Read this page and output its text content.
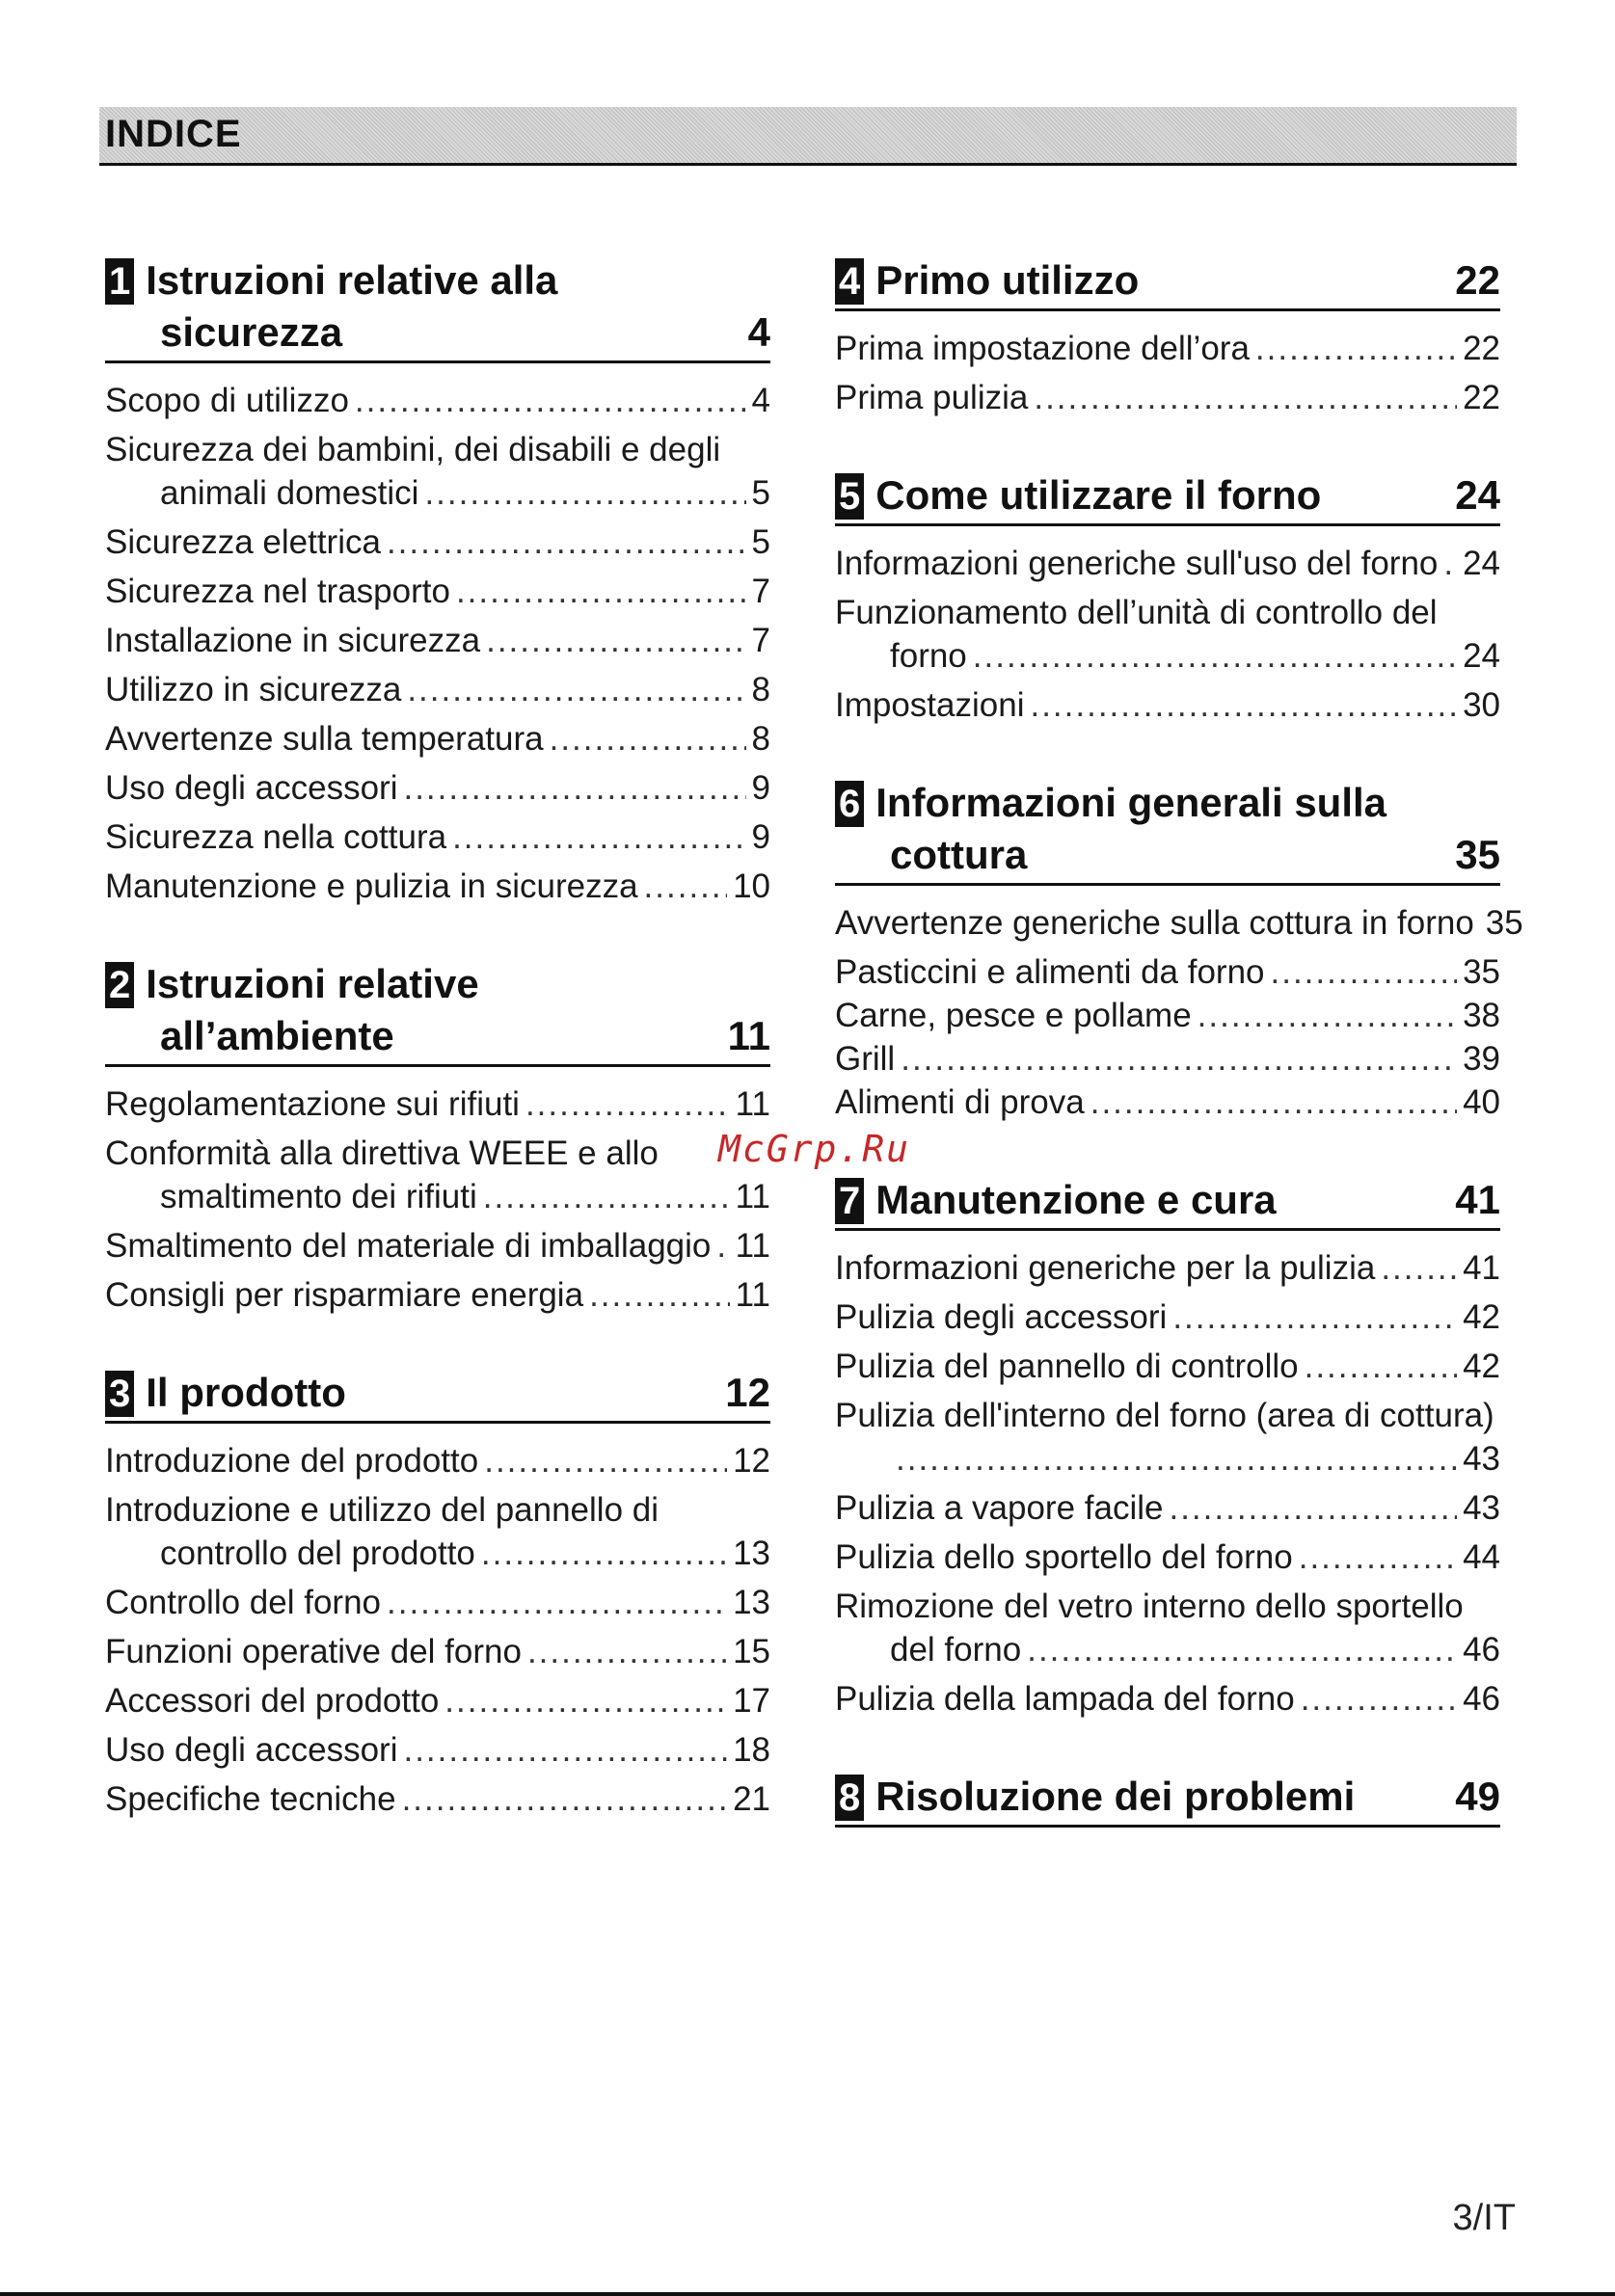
INDICE
1 Istruzioni relative alla
sicurezza	4
Scopo di utilizzo .....	4
Sicurezza dei bambini, dei disabili e degli
animali domestici .....	5
Sicurezza elettrica .....	5
Sicurezza nel trasporto .....	7
Installazione in sicurezza .....	7
Utilizzo in sicurezza .....	8
Avvertenze sulla temperatura .....	8
Uso degli accessori .....	9
Sicurezza nella cottura .....	9
Manutenzione e pulizia in sicurezza .....	10
2 Istruzioni relative
all’ambiente	11
Regolamentazione sui rifiuti .....	11
Conformità alla direttiva WEEE e allo
smaltimento dei rifiuti .....	11
Smaltimento del materiale di imballaggio ..... 11
Consigli per risparmiare energia .....	11
3 Il prodotto	12
Introduzione del prodotto .....	12
Introduzione e utilizzo del pannello di
controllo del prodotto .....	13
Controllo del forno .....	13
Funzioni operative del forno .....	15
Accessori del prodotto .....	17
Uso degli accessori .....	18
Specifiche tecniche .....	21
4 Primo utilizzo	22
Prima impostazione dell’ora .....	22
Prima pulizia .....	22
5 Come utilizzare il forno	24
Informazioni generiche sull'uso del forno ..... 24
Funzionamento dell’unità di controllo del
forno .....	24
Impostazioni .....	30
6 Informazioni generali sulla
cottura	35
Avvertenze generiche sulla cottura in forno 35
Pasticcini e alimenti da forno .....	35
Carne, pesce e pollame .....	38
Grill .....	39
Alimenti di prova .....	40
7 Manutenzione e cura	41
Informazioni generiche per la pulizia .....	41
Pulizia degli accessori .....	42
Pulizia del pannello di controllo .....	42
Pulizia dell'interno del forno (area di cottura)
.....
43
Pulizia a vapore facile .....	43
Pulizia dello sportello del forno .....	44
Rimozione del vetro interno dello sportello
del forno .....	46
Pulizia della lampada del forno .....	46
8 Risoluzione dei problemi 49
McGrp.Ru
3/IT
